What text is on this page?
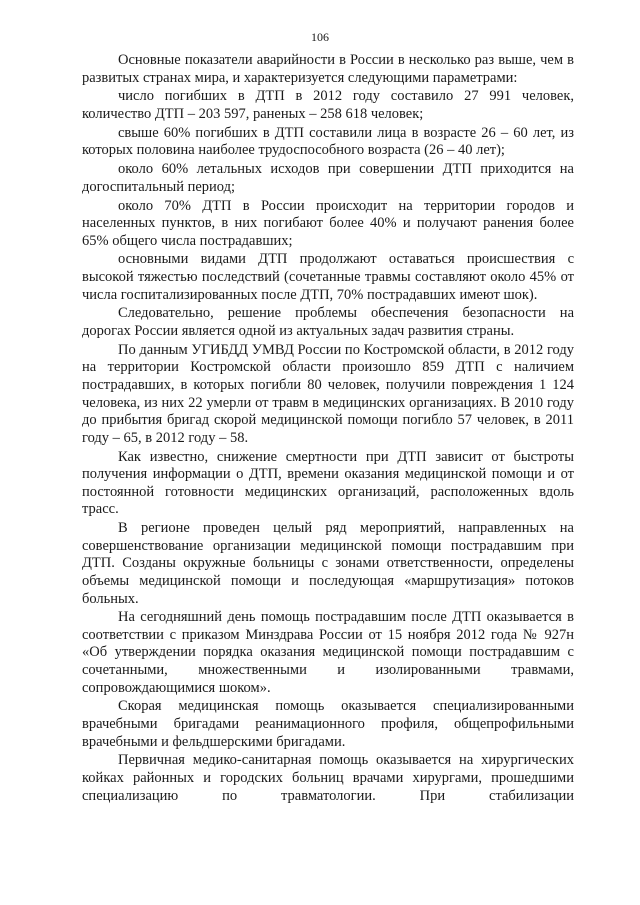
106

Основные показатели аварийности в России в несколько раз выше, чем в развитых странах мира, и характеризуется следующими параметрами:

число погибших в ДТП в 2012 году составило 27 991 человек, количество ДТП – 203 597, раненых – 258 618 человек;

свыше 60% погибших в ДТП составили лица в возрасте 26 – 60 лет, из которых половина наиболее трудоспособного возраста (26 – 40 лет);

около 60% летальных исходов при совершении ДТП приходится на догоспитальный период;

около 70% ДТП в России происходит на территории городов и населенных пунктов, в них погибают более 40% и получают ранения более 65% общего числа пострадавших;

основными видами ДТП продолжают оставаться происшествия с высокой тяжестью последствий (сочетанные травмы составляют около 45% от числа госпитализированных после ДТП, 70% пострадавших имеют шок).

Следовательно, решение проблемы обеспечения безопасности на дорогах России является одной из актуальных задач развития страны.

По данным УГИБДД УМВД России по Костромской области, в 2012 году на территории Костромской области произошло 859 ДТП с наличием пострадавших, в которых погибли 80 человек, получили повреждения 1 124 человека, из них 22 умерли от травм в медицинских организациях. В 2010 году до прибытия бригад скорой медицинской помощи погибло 57 человек, в 2011 году – 65, в 2012 году – 58.

Как известно, снижение смертности при ДТП зависит от быстроты получения информации о ДТП, времени оказания медицинской помощи и от постоянной готовности медицинских организаций, расположенных вдоль трасс.

В регионе проведен целый ряд мероприятий, направленных на совершенствование организации медицинской помощи пострадавшим при ДТП. Созданы окружные больницы с зонами ответственности, определены объемы медицинской помощи и последующая «маршрутизация» потоков больных.

На сегодняшний день помощь пострадавшим после ДТП оказывается в соответствии с приказом Минздрава России от 15 ноября 2012 года № 927н «Об утверждении порядка оказания медицинской помощи пострадавшим с сочетанными, множественными и изолированными травмами, сопровождающимися шоком».

Скорая медицинская помощь оказывается специализированными врачебными бригадами реанимационного профиля, общепрофильными врачебными и фельдшерскими бригадами.

Первичная медико-санитарная помощь оказывается на хирургических койках районных и городских больниц врачами хирургами, прошедшими специализацию по травматологии. При стабилизации
